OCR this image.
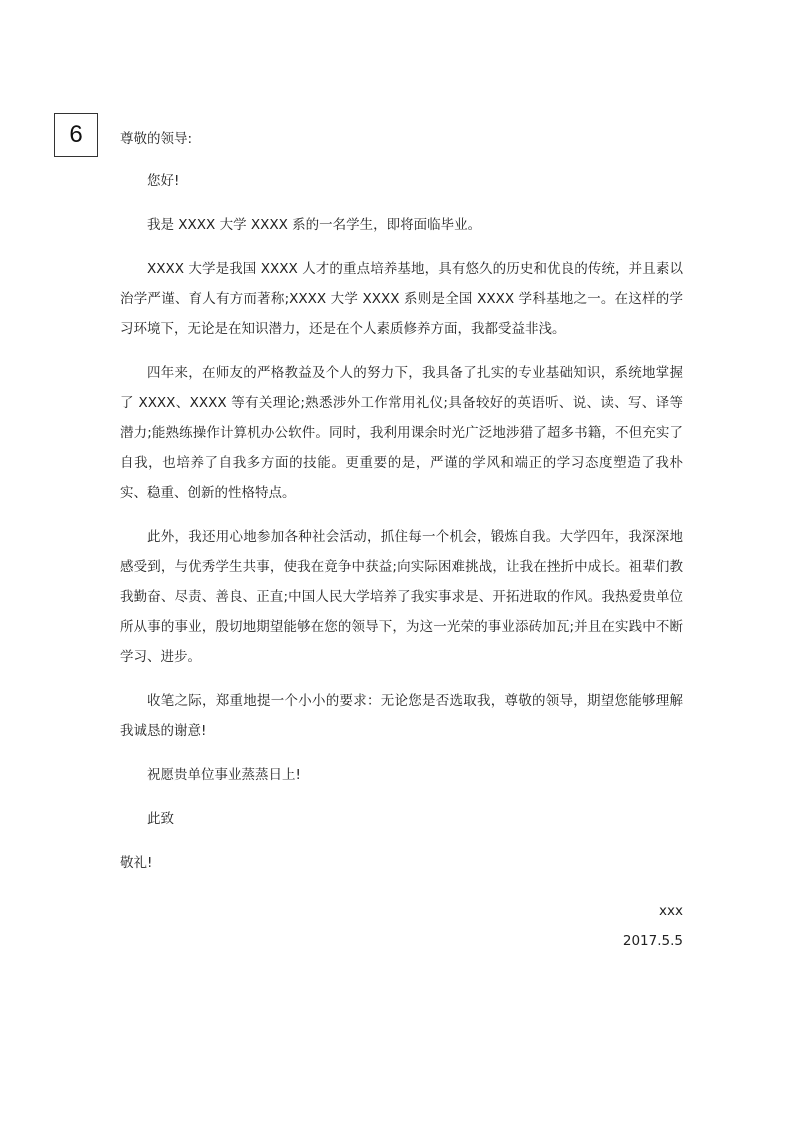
6	尊敬的领导:

您好!

我是 XXXX 大学 XXXX 系的一名学生，即将面临毕业。

XXXX 大学是我国 XXXX 人才的重点培养基地，具有悠久的历史和优良的传统，并且素以治学严谨、育人有方而著称;XXXX 大学 XXXX 系则是全国 XXXX 学科基地之一。在这样的学习环境下，无论是在知识潜力，还是在个人素质修养方面，我都受益非浅。

四年来，在师友的严格教益及个人的努力下，我具备了扎实的专业基础知识，系统地掌握了 XXXX、XXXX 等有关理论;熟悉涉外工作常用礼仪;具备较好的英语听、说、读、写、译等潜力;能熟练操作计算机办公软件。同时，我利用课余时光广泛地涉猎了超多书籍，不但充实了自我，也培养了自我多方面的技能。更重要的是，严谨的学风和端正的学习态度塑造了我朴实、稳重、创新的性格特点。

此外，我还用心地参加各种社会活动，抓住每一个机会，锻炼自我。大学四年，我深深地感受到，与优秀学生共事，使我在竟争中获益;向实际困难挑战，让我在挫折中成长。祖辈们教我勤奋、尽责、善良、正直;中国人民大学培养了我实事求是、开拓进取的作风。我热爱贵单位所从事的事业，殷切地期望能够在您的领导下，为这一光荣的事业添砖加瓦;并且在实践中不断学习、进步。

收笔之际，郑重地提一个小小的要求：无论您是否选取我，尊敬的领导，期望您能够理解我诚恳的谢意!

祝愿贵单位事业蒸蒸日上!

此致

敬礼!

xxx

2017.5.5
